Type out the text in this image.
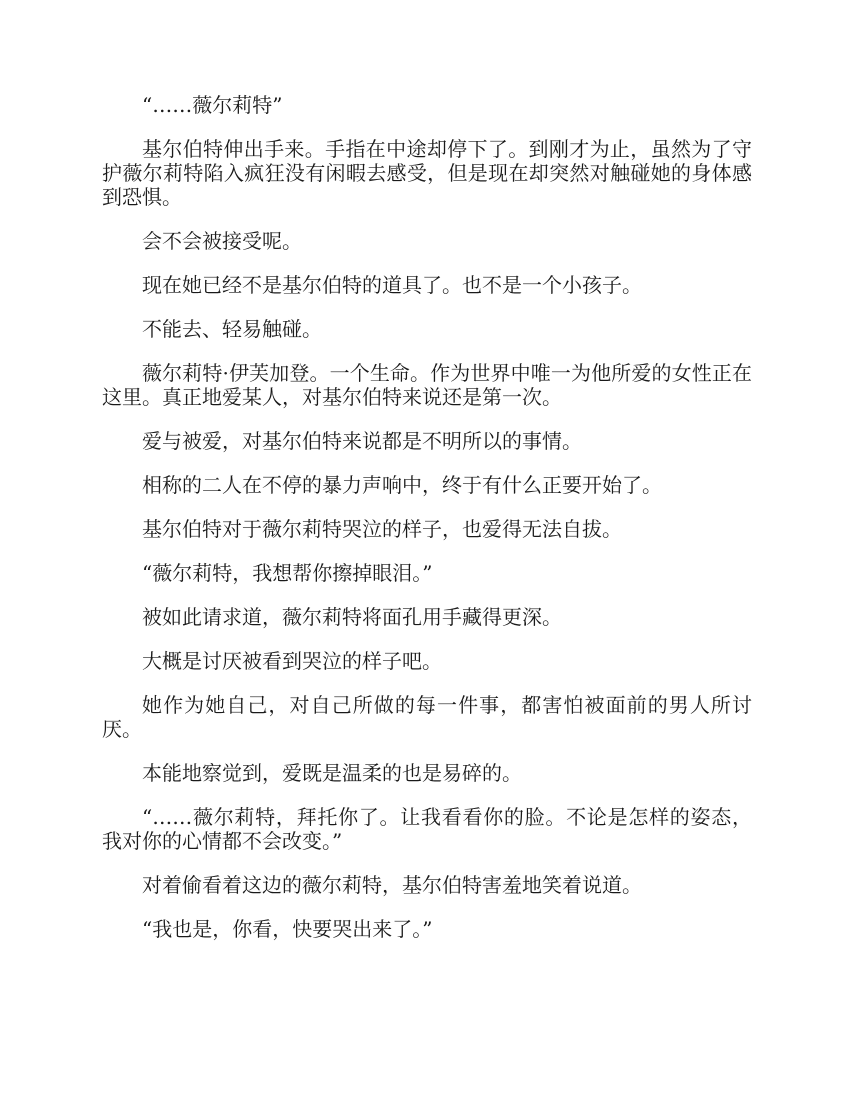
“……薇尔莉特”

基尔伯特伸出手来。手指在中途却停下了。到刚才为止，虽然为了守护薇尔莉特陷入疯狂没有闲暇去感受，但是现在却突然对触碰她的身体感到恐惧。

会不会被接受呢。

现在她已经不是基尔伯特的道具了。也不是一个小孩子。

不能去、轻易触碰。

薇尔莉特·伊芙加登。一个生命。作为世界中唯一为他所爱的女性正在这里。真正地爱某人，对基尔伯特来说还是第一次。

爱与被爱，对基尔伯特来说都是不明所以的事情。

相称的二人在不停的暴力声响中，终于有什么正要开始了。

基尔伯特对于薇尔莉特哭泣的样子，也爱得无法自拔。

“薇尔莉特，我想帮你擦掉眼泪。”

被如此请求道，薇尔莉特将面孔用手藏得更深。

大概是讨厌被看到哭泣的样子吧。

她作为她自己，对自己所做的每一件事，都害怕被面前的男人所讨厌。

本能地察觉到，爱既是温柔的也是易碎的。

“……薇尔莉特，拜托你了。让我看看你的脸。不论是怎样的姿态，我对你的心情都不会改变。”

对着偷看着这边的薇尔莉特，基尔伯特害羞地笑着说道。

“我也是，你看，快要哭出来了。”
